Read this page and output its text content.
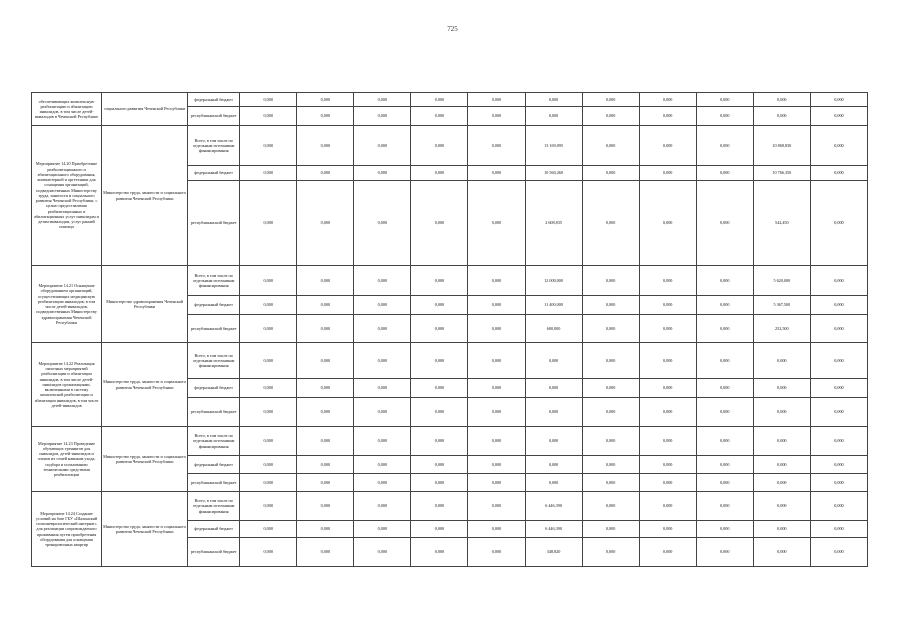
725
обеспечивающих комплексную реабилитацию и абилитацию инвалидов, в том числе детей-инвалидов в Чеченской Республике	социального развития Чеченской Республики	федеральный бюджет	0,000	0,000	0,000	0,000	0,000	0,000	0,000	0,000	0,000	0,000	0,000
		республиканский бюджет	0,000	0,000	0,000	0,000	0,000	0,000	0,000	0,000	0,000	0,000	0,000
Мероприятие 14.20 Приобретение реабилитационного и абилитационного оборудования, компьютерной и оргтехники для оснащения организаций, подведомственных Министерству труда, занятости и социального развития Чеченской Республики, с целью предоставления реабилитационных и абилитационных услуг инвалидам и детям-инвалидам, услуг ранней помощи	Министерство труда, занятости и социального развития Чеченской Республики	Всего, в том числе по отдельным источникам финансирования	0,000	0,000	0,000	0,000	0,000	13 169,095	0,000	0,000	0,000	10 868,830	0,000
		федеральный бюджет	0,000	0,000	0,000	0,000	0,000	10 560,260	0,000	0,000	0,000	10 766,350	0,000
		республиканский бюджет	0,000	0,000	0,000	0,000	0,000	2 608,835	0,000	0,000	0,000	542,450	0,000
Мероприятие 14.21 Оснащение оборудованием организаций, осуществляющих медицинскую реабилитацию инвалидов, в том числе детей-инвалидов, подведомственных Министерству здравоохранения Чеченской Республики	Министерство здравоохранения Чеченской Республики	Всего, в том числе по отдельным источникам финансирования	0,000	0,000	0,000	0,000	0,000	12 000,000	0,000	0,000	0,000	5 620,000	0,000
		федеральный бюджет	0,000	0,000	0,000	0,000	0,000	11 400,000	0,000	0,000	0,000	5 367,500	0,000
		республиканский бюджет	0,000	0,000	0,000	0,000	0,000	600,000	0,000	0,000	0,000	252,500	0,000
Мероприятие 14.22 Реализация пилотных мероприятий реабилитации и абилитации инвалидов, в том числе детей-инвалидов организациями, включенными в систему комплексной реабилитации и абилитации инвалидов, в том числе детей-инвалидов	Министерство труда, занятости и социального развития Чеченской Республики	Всего, в том числе по отдельным источникам финансирования	0,000	0,000	0,000	0,000	0,000	0,000	0,000	0,000	0,000	0,000	0,000
		федеральный бюджет	0,000	0,000	0,000	0,000	0,000	0,000	0,000	0,000	0,000	0,000	0,000
		республиканский бюджет	0,000	0,000	0,000	0,000	0,000	0,000	0,000	0,000	0,000	0,000	0,000
Мероприятие 14.23 Проведение обучающих тренингов для инвалидов, детей-инвалидов и членов их семей навыкам ухода, подбора и пользованию техническими средствами реабилитации	Министерство труда, занятости и социального развития Чеченской Республики	Всего, в том числе по отдельным источникам финансирования	0,000	0,000	0,000	0,000	0,000	0,000	0,000	0,000	0,000	0,000	0,000
		федеральный бюджет	0,000	0,000	0,000	0,000	0,000	0,000	0,000	0,000	0,000	0,000	0,000
		республиканский бюджет	0,000	0,000	0,000	0,000	0,000	0,000	0,000	0,000	0,000	0,000	0,000
Мероприятие 14.24 Создание условий на базе ГБУ «Шалинский психоневрологический интернат» для реализации сопровождаемого проживания путем приобретения оборудования для оснащения тренировочных квартир	Министерство труда, занятости и социального развития Чеченской Республики	Всего, в том числе по отдельным источникам финансирования	0,000	0,000	0,000	0,000	0,000	6 446,390	0,000	0,000	0,000	0,000	0,000
		федеральный бюджет	0,000	0,000	0,000	0,000	0,000	6 446,390	0,000	0,000	0,000	0,000	0,000
		республиканский бюджет	0,000	0,000	0,000	0,000	0,000	348,820	0,000	0,000	0,000	0,000	0,000
